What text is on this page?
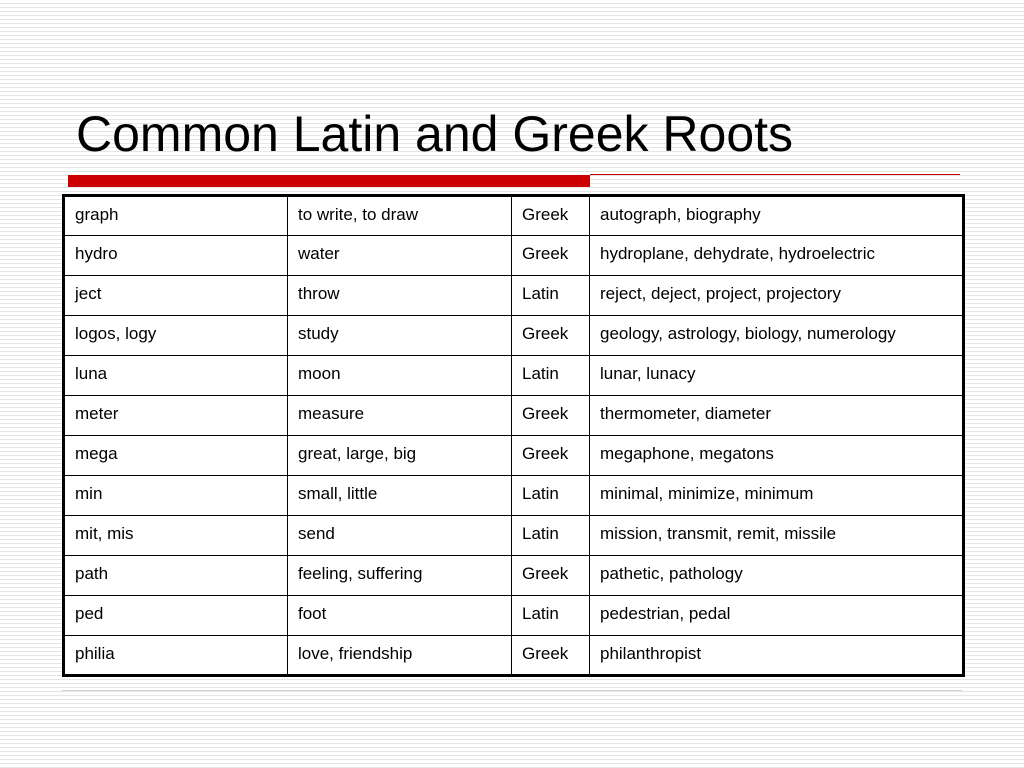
Common Latin and Greek Roots
graph	to write, to draw	Greek	autograph, biography
hydro	water	Greek	hydroplane, dehydrate, hydroelectric
ject	throw	Latin	reject, deject, project, projectory
logos, logy	study	Greek	geology, astrology, biology, numerology
luna	moon	Latin	lunar, lunacy
meter	measure	Greek	thermometer, diameter
mega	great, large, big	Greek	megaphone, megatons
min	small, little	Latin	minimal, minimize, minimum
mit, mis	send	Latin	mission, transmit, remit, missile
path	feeling, suffering	Greek	pathetic, pathology
ped	foot	Latin	pedestrian, pedal
philia	love, friendship	Greek	philanthropist
